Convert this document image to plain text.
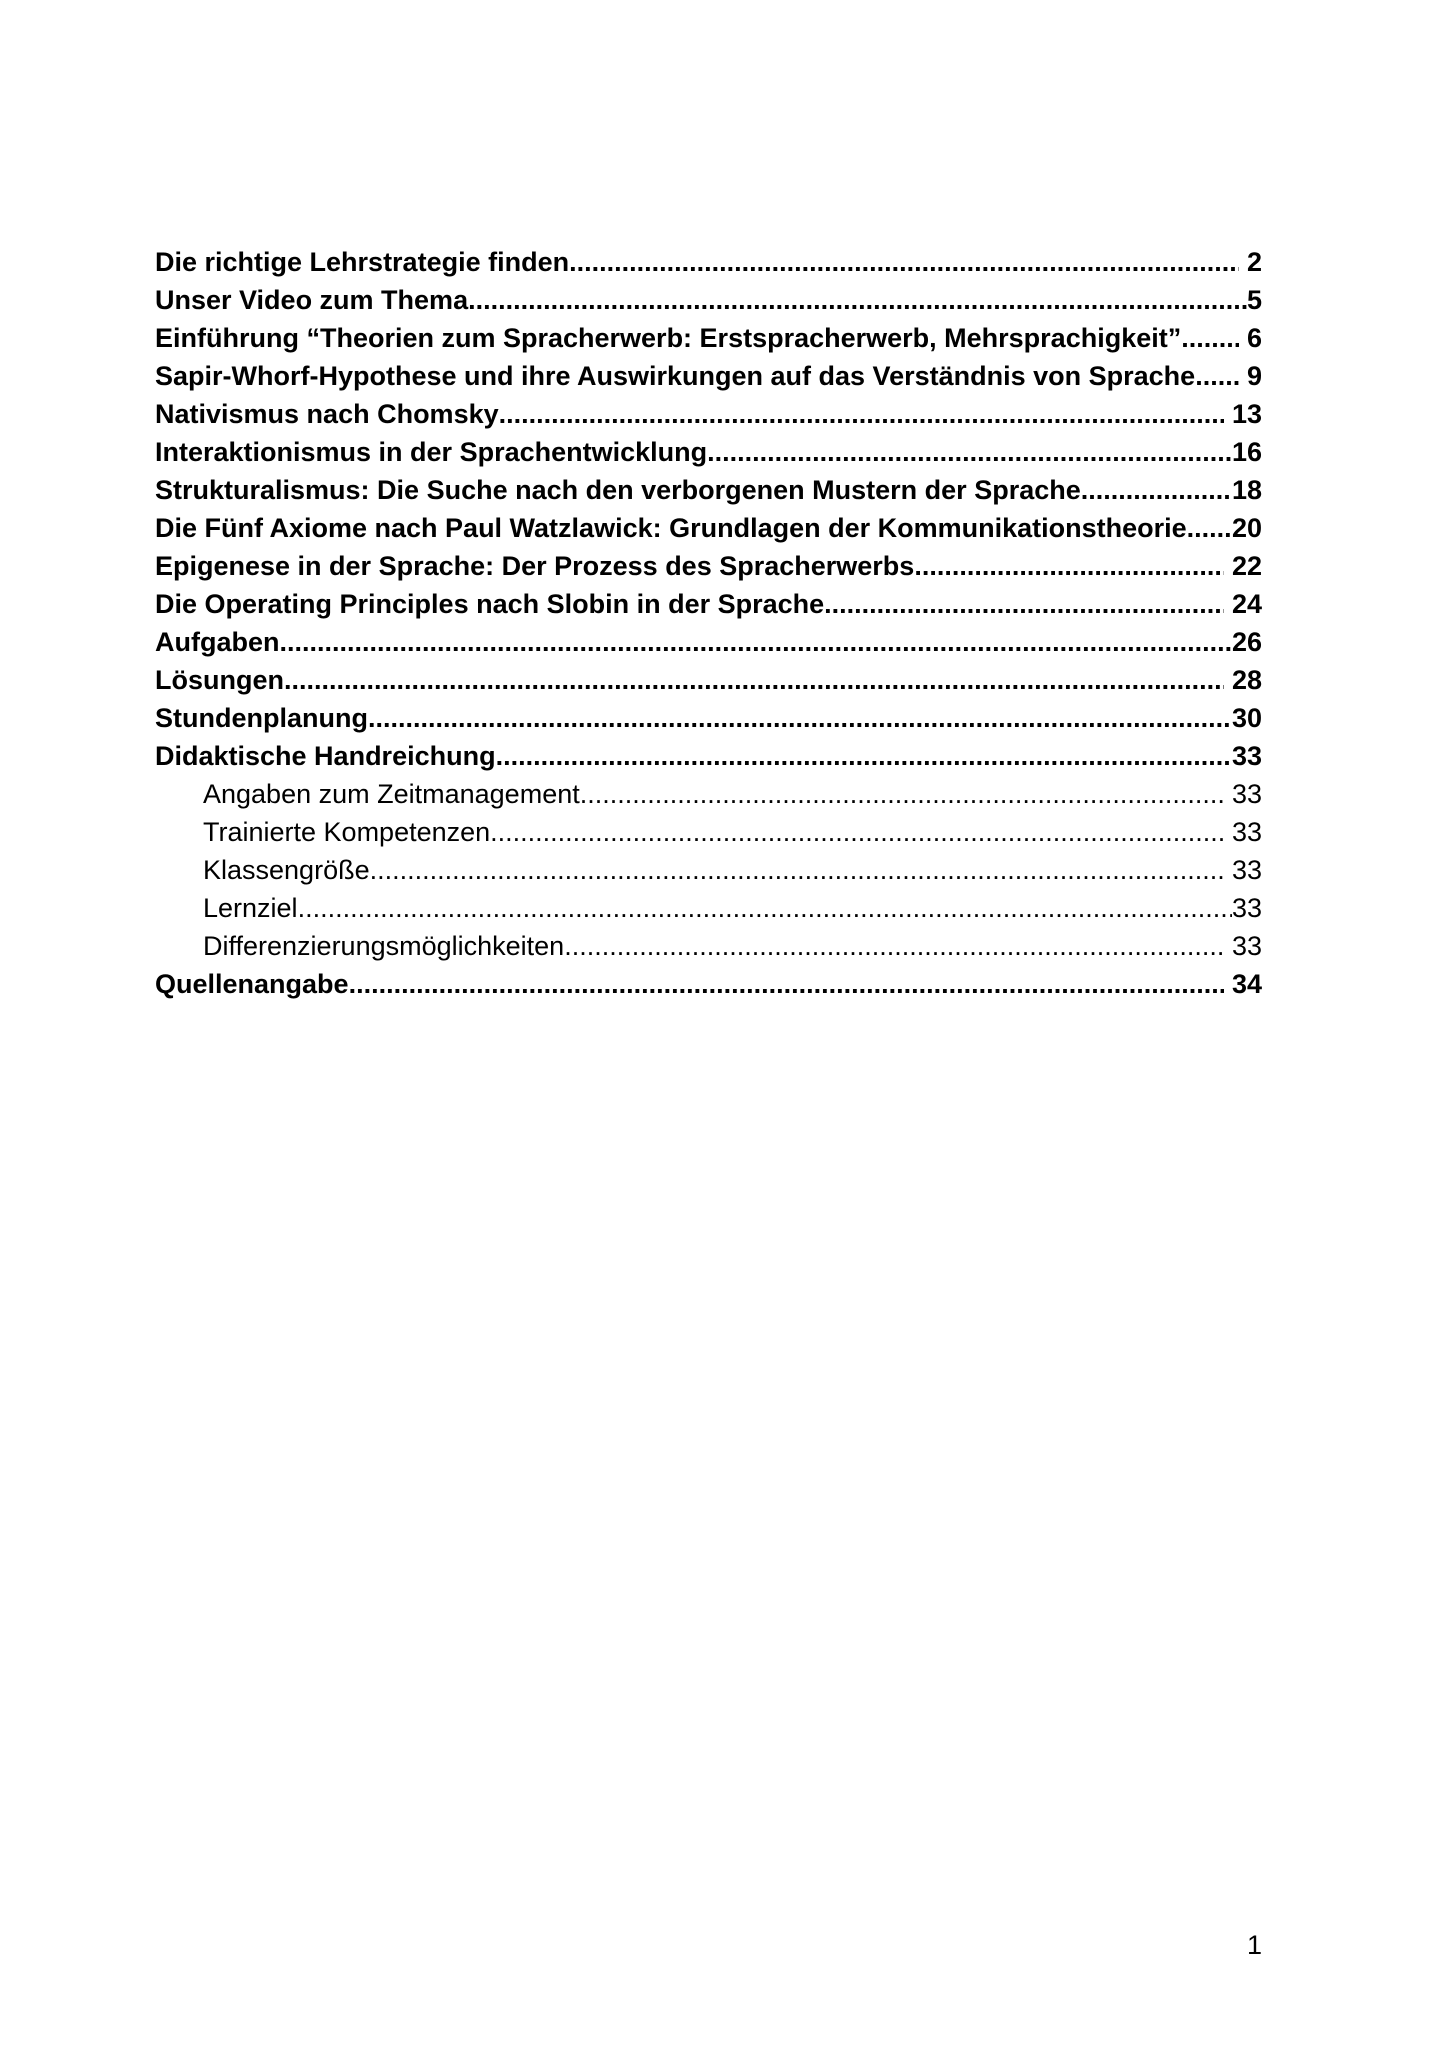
Die richtige Lehrstrategie finden .....	2
Unser Video zum Thema .....	5
Einführung “Theorien zum Spracherwerb: Erstspracherwerb, Mehrsprachigkeit” ..... 6
Sapir-Whorf-Hypothese und ihre Auswirkungen auf das Verständnis von Sprache ..... 9
Nativismus nach Chomsky .....	13
Interaktionismus in der Sprachentwicklung .....	16
Strukturalismus: Die Suche nach den verborgenen Mustern der Sprache .....	18
Die Fünf Axiome nach Paul Watzlawick: Grundlagen der Kommunikationstheorie ..... 20
Epigenese in der Sprache: Der Prozess des Spracherwerbs .....	22
Die Operating Principles nach Slobin in der Sprache .....	24
Aufgaben .....	26
Lösungen .....	28
Stundenplanung .....	30
Didaktische Handreichung .....	33
Angaben zum Zeitmanagement .....	33
Trainierte Kompetenzen .....	33
Klassengröße .....	33
Lernziel .....	33
Differenzierungsmöglichkeiten .....	33
Quellenangabe .....	34
1
